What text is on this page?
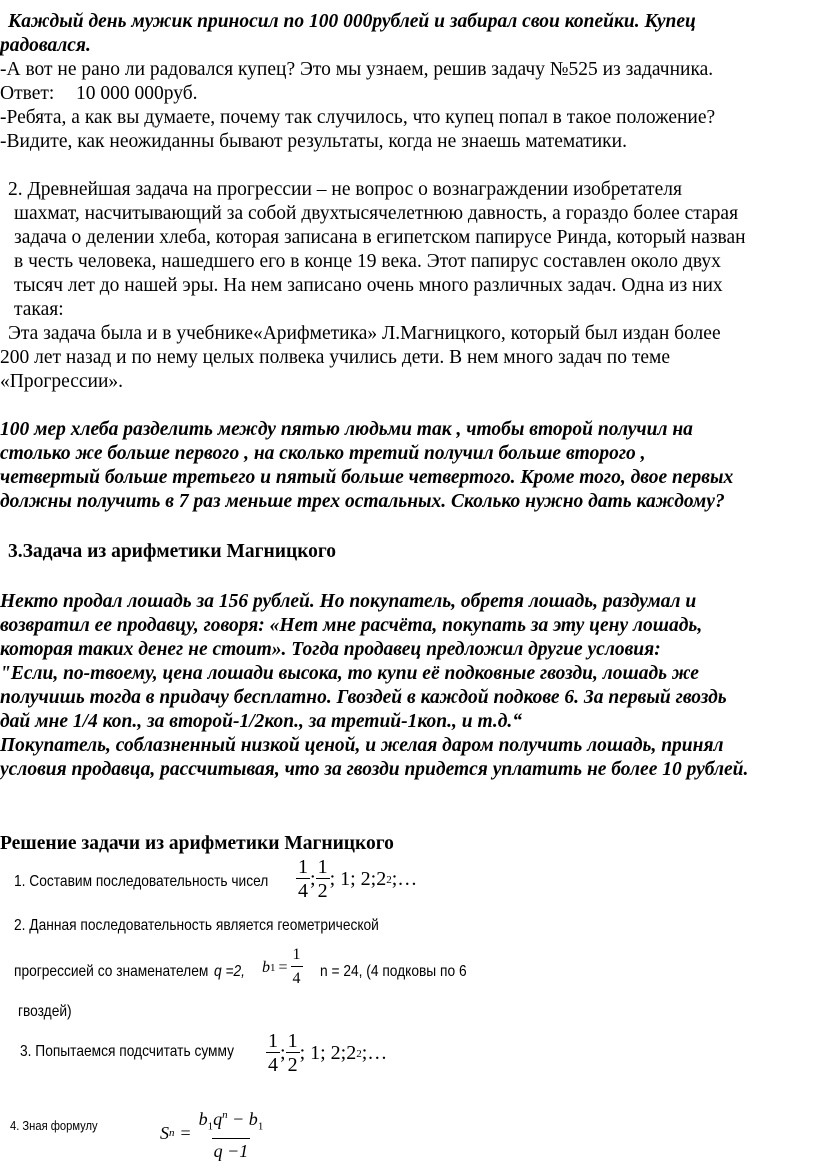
Каждый день мужик приносил по 100 000рублей и забирал свои копейки. Купец
радовался.
-А вот не рано ли радовался купец? Это мы узнаем, решив задачу №525 из задачника.
Ответ: 10 000 000руб.
-Ребята, а как вы думаете, почему так случилось, что купец попал в такое положение?
-Видите, как неожиданны бывают результаты, когда не знаешь математики.
2. Древнейшая задача на прогрессии – не вопрос о вознаграждении изобретателя
шахмат, насчитывающий за собой двухтысячелетнюю давность, а гораздо более старая
задача о делении хлеба, которая записана в египетском папирусе Ринда, который назван
в честь человека, нашедшего его в конце 19 века. Этот папирус составлен около двух
тысяч лет до нашей эры. На нем записано очень много различных задач. Одна из них
такая:
Эта задача была и в учебнике«Арифметика» Л.Магницкого, который был издан более
200 лет назад и по нему целых полвека учились дети. В нем много задач по теме
«Прогрессии».
100 мер хлеба разделить между пятью людьми так , чтобы второй получил на
столько же больше первого , на сколько третий получил больше второго ,
четвертый больше третьего и пятый больше четвертого. Кроме того, двое первых
должны получить в 7 раз меньше трех остальных. Сколько нужно дать каждому?
3.Задача из арифметики Магницкого
Некто продал лошадь за 156 рублей. Но покупатель, обретя лошадь, раздумал и
возвратил ее продавцу, говоря: «Нет мне расчёта, покупать за эту цену лошадь,
которая таких денег не стоит». Тогда продавец предложил другие условия:
"Если, по-твоему, цена лошади высока, то купи её подковные гвозди, лошадь же
получишь тогда в придачу бесплатно. Гвоздей в каждой подкове 6. За первый гвоздь
дай мне 1/4 коп., за второй-1/2коп., за третий-1коп., и т.д.“
Покупатель, соблазненный низкой ценой, и желая даром получить лошадь, принял
условия продавца, рассчитывая, что за гвозди придется уплатить не более 10 рублей.
Решение задачи из арифметики Магницкого
1. Составим последовательность чисел $\frac{1}{4}$ ; $\frac{1}{2}$ ; 1; 2;2 2 ;…
2. Данная последовательность является геометрической
прогрессией со знаменателем q =2, b $1 = \frac{1}{4}$ n = 24, (4 подковы по 6
гвоздей)
3. Попытаемся подсчитать сумму $\frac{1}{4}$ ; $\frac{1}{2}$ ; 1; 2;2 2 ;…
4. Зная формулу	S $n = \frac{b_1q^n - b_1}{q -1}$
